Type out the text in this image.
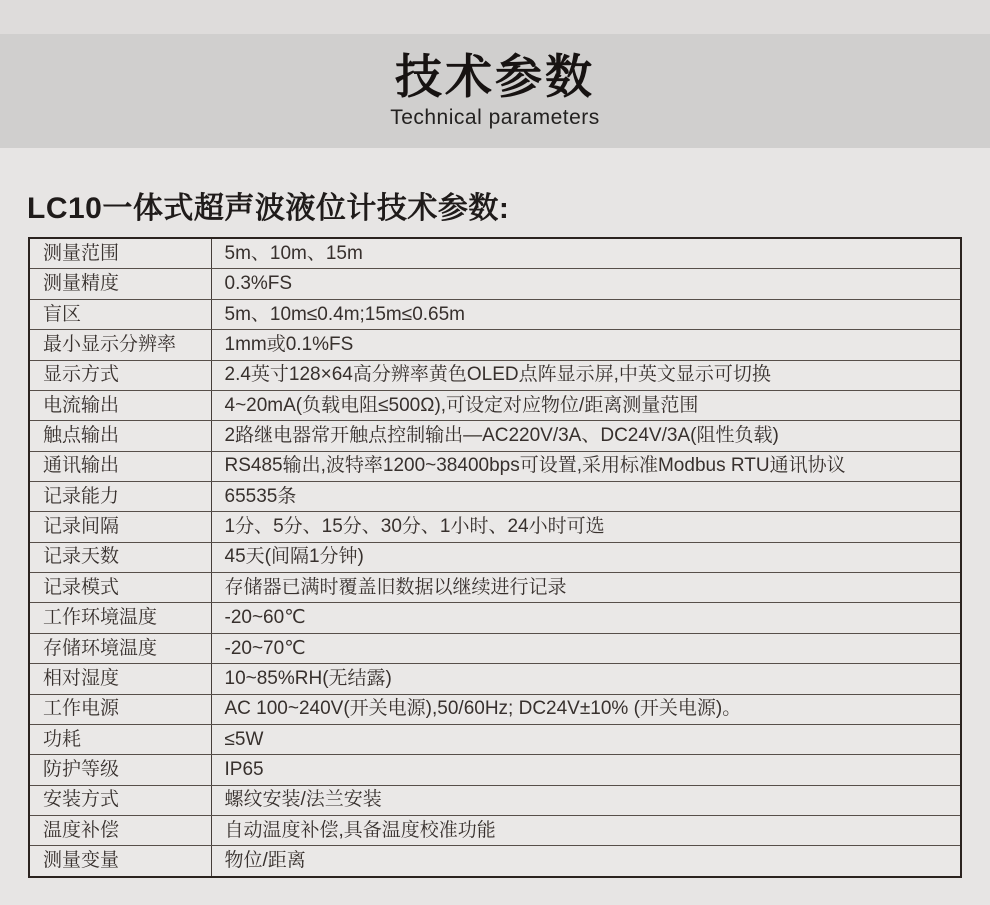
技术参数
Technical parameters
LC10一体式超声波液位计技术参数:
测量范围	5m、10m、15m
测量精度	0.3%FS
盲区	5m、10m≤0.4m;15m≤0.65m
最小显示分辨率	1mm或0.1%FS
显示方式	2.4英寸128×64高分辨率黄色OLED点阵显示屏,中英文显示可切换
电流输出	4~20mA(负载电阻≤500Ω),可设定对应物位/距离测量范围
触点输出	2路继电器常开触点控制输出—AC220V/3A、DC24V/3A(阻性负载)
通讯输出	RS485输出,波特率1200~38400bps可设置,采用标准Modbus RTU通讯协议
记录能力	65535条
记录间隔	1分、5分、15分、30分、1小时、24小时可选
记录天数	45天(间隔1分钟)
记录模式	存储器已满时覆盖旧数据以继续进行记录
工作环境温度	-20~60℃
存储环境温度	-20~70℃
相对湿度	10~85%RH(无结露)
工作电源	AC 100~240V(开关电源),50/60Hz; DC24V±10% (开关电源)。
功耗	≤5W
防护等级	IP65
安装方式	螺纹安装/法兰安装
温度补偿	自动温度补偿,具备温度校准功能
测量变量	物位/距离
